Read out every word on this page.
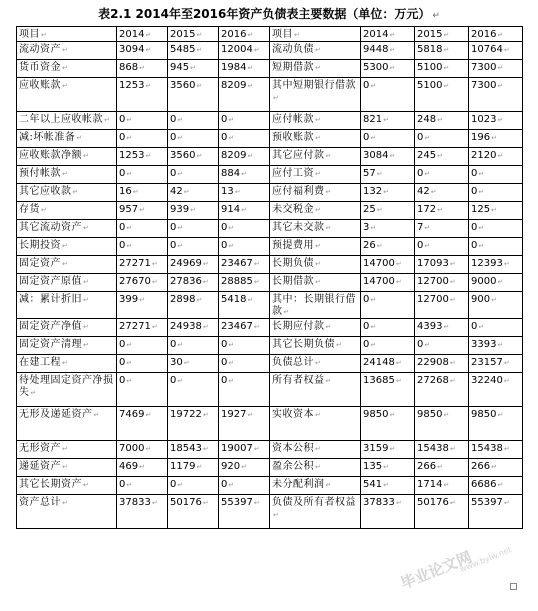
表2.1 2014年至2016年资产负债表主要数据（单位：万元） ↵
项目↵	2014↵	2015↵	2016↵	项目↵	2014↵	2015↵	2016↵
流动资产↵	3094↵	5485↵	12004↵	流动负债↵	9448↵	5818↵	10764↵
货币资金↵	868↵	945↵	1984↵	短期借款↵	5300↵	5100↵	7300↵
应收账款↵	1253↵	3560↵	8209↵	其中短期银行借款↵	0↵	5100↵	7300↵
二年以上应收帐款↵	0↵	0↵	0↵	应付帐款↵	821↵	248↵	1023↵
减:坏帐准备↵	0↵	0↵	0↵	预收账款↵	0↵	0↵	196↵
应收账款净额↵	1253↵	3560↵	8209↵	其它应付款↵	3084↵	245↵	2120↵
预付帐款↵	0↵	0↵	884↵	应付工资↵	57↵	0↵	0↵
其它应收款↵	16↵	42↵	13↵	应付福利费↵	132↵	42↵	0↵
存货↵	957↵	939↵	914↵	未交税金↵	25↵	172↵	125↵
其它流动资产↵	0↵	0↵	0↵	其它未交款↵	3↵	7↵	0↵
长期投资↵	0↵	0↵	0↵	预提费用↵	26↵	0↵	0↵
固定资产↵	27271↵	24969↵	23467↵	长期负债↵	14700↵	17093↵	12393↵
固定资产原值↵	27670↵	27836↵	28885↵	长期借款↵	14700↵	12700↵	9000↵
减：累计折旧↵	399↵	2898↵	5418↵	其中：长期银行借款↵	0↵	12700↵	900↵
固定资产净值↵	27271↵	24938↵	23467↵	长期应付款↵	0↵	4393↵	0↵
固定资产清理↵	0↵	0↵	0↵	其它长期负债↵	0↵	0↵	3393↵
在建工程↵	0↵	30↵	0↵	负债总计↵	24148↵	22908↵	23157↵
待处理固定资产净损失↵	0↵	0↵	0↵	所有者权益↵	13685↵	27268↵	32240↵
无形及递延资产↵	7469↵	19722↵	1927↵	实收资本↵	9850↵	9850↵	9850↵
无形资产↵	7000↵	18543↵	19007↵	资本公积↵	3159↵	15438↵	15438↵
递延资产↵	469↵	1179↵	920↵	盈余公积↵	135↵	266↵	266↵
其它长期资产↵	0↵	0↵	0↵	未分配利润↵	541↵	1714↵	6686↵
资产总计↵	37833↵	50176↵	55397↵	负债及所有者权益↵	37833↵	50176↵	55397↵
毕业论文网
www.bylw.net
